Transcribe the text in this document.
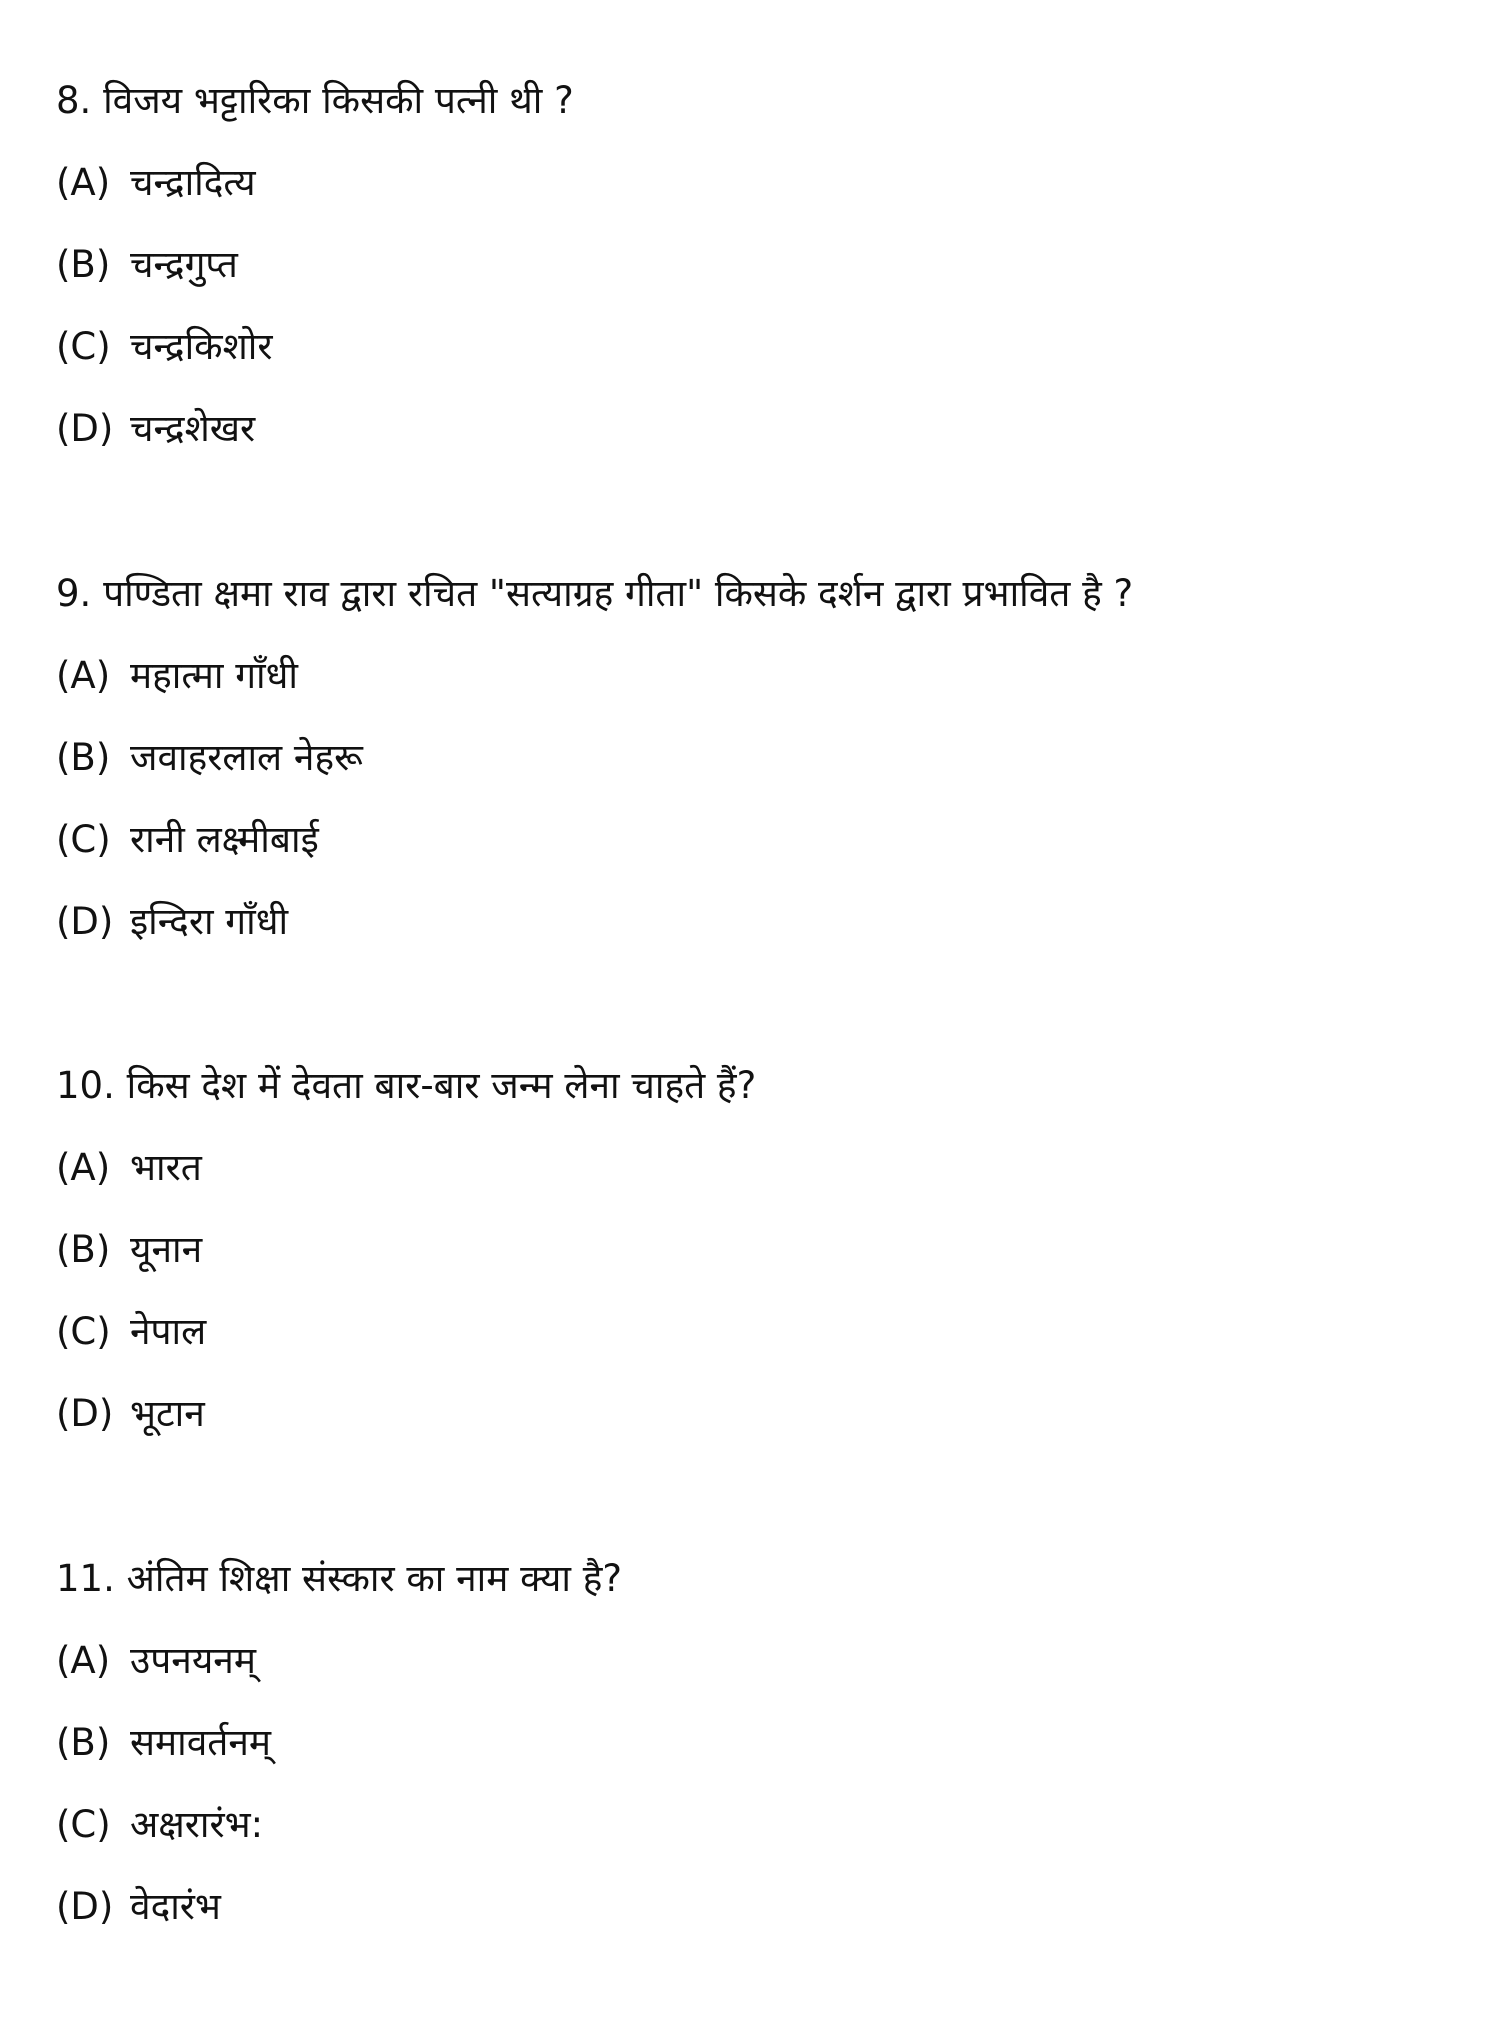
8. विजय भट्टारिका किसकी पत्नी थी ?
(A) चन्द्रादित्य
(B) चन्द्रगुप्त
(C) चन्द्रकिशोर
(D) चन्द्रशेखर
9. पण्डिता क्षमा राव द्वारा रचित "सत्याग्रह गीता" किसके दर्शन द्वारा प्रभावित है ?
(A) महात्मा गाँधी
(B) जवाहरलाल नेहरू
(C) रानी लक्ष्मीबाई
(D) इन्दिरा गाँधी
10. किस देश में देवता बार-बार जन्म लेना चाहते हैं?
(A) भारत
(B) यूनान
(C) नेपाल
(D) भूटान
11. अंतिम शिक्षा संस्कार का नाम क्या है?
(A) उपनयनम्
(B) समावर्तनम्
(C) अक्षरारंभ:
(D) वेदारंभ
